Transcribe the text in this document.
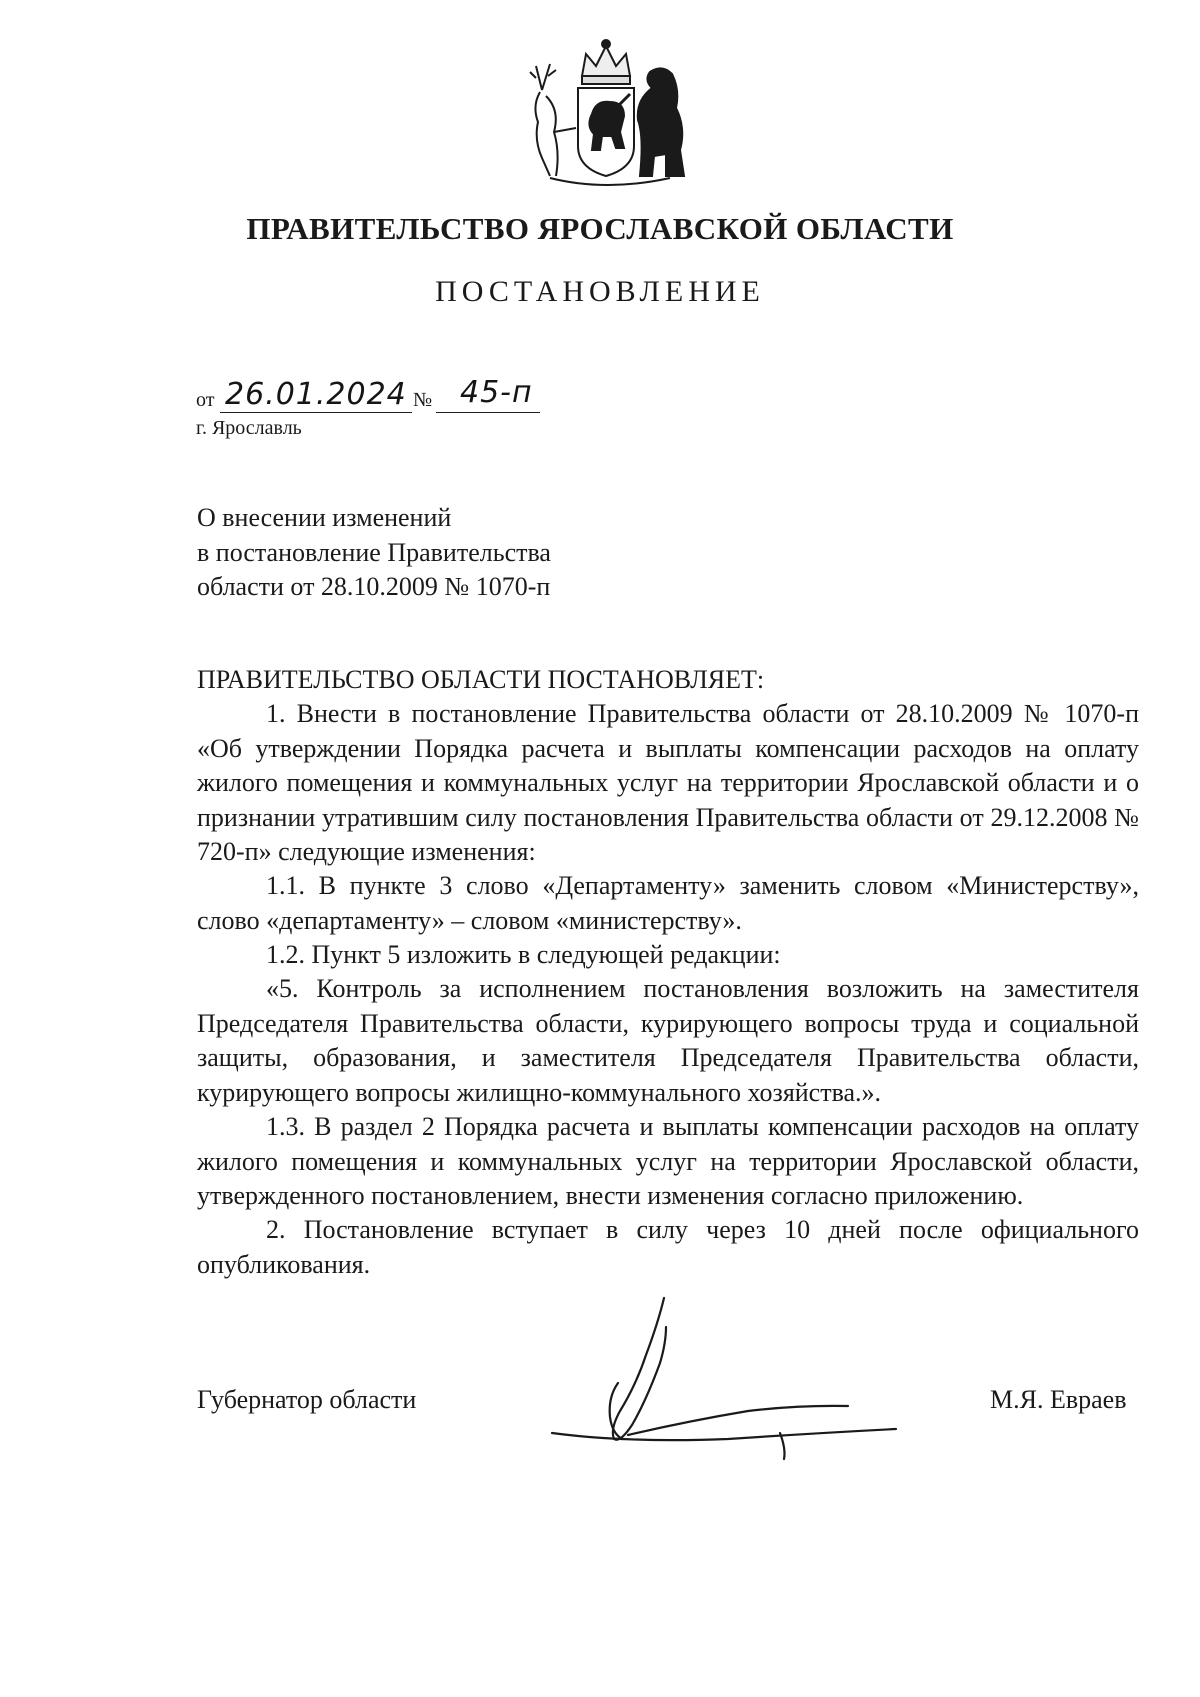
ПРАВИТЕЛЬСТВО ЯРОСЛАВСКОЙ ОБЛАСТИ
ПОСТАНОВЛЕНИЕ
от 26.01.2024 № 45-п
г. Ярославль
О внесении изменений
в постановление Правительства
области от 28.10.2009 № 1070-п
ПРАВИТЕЛЬСТВО ОБЛАСТИ ПОСТАНОВЛЯЕТ:

1. Внести в постановление Правительства области от 28.10.2009 № 1070-п «Об утверждении Порядка расчета и выплаты компенсации расходов на оплату жилого помещения и коммунальных услуг на территории Ярославской области и о признании утратившим силу постановления Правительства области от 29.12.2008 № 720-п» следующие изменения:

1.1. В пункте 3 слово «Департаменту» заменить словом «Министерству», слово «департаменту» – словом «министерству».

1.2. Пункт 5 изложить в следующей редакции:

«5. Контроль за исполнением постановления возложить на заместителя Председателя Правительства области, курирующего вопросы труда и социальной защиты, образования, и заместителя Председателя Правительства области, курирующего вопросы жилищно-коммунального хозяйства.».

1.3. В раздел 2 Порядка расчета и выплаты компенсации расходов на оплату жилого помещения и коммунальных услуг на территории Ярославской области, утвержденного постановлением, внести изменения согласно приложению.

2. Постановление вступает в силу через 10 дней после официального опубликования.

Губернатор области	М.Я. Евраев
